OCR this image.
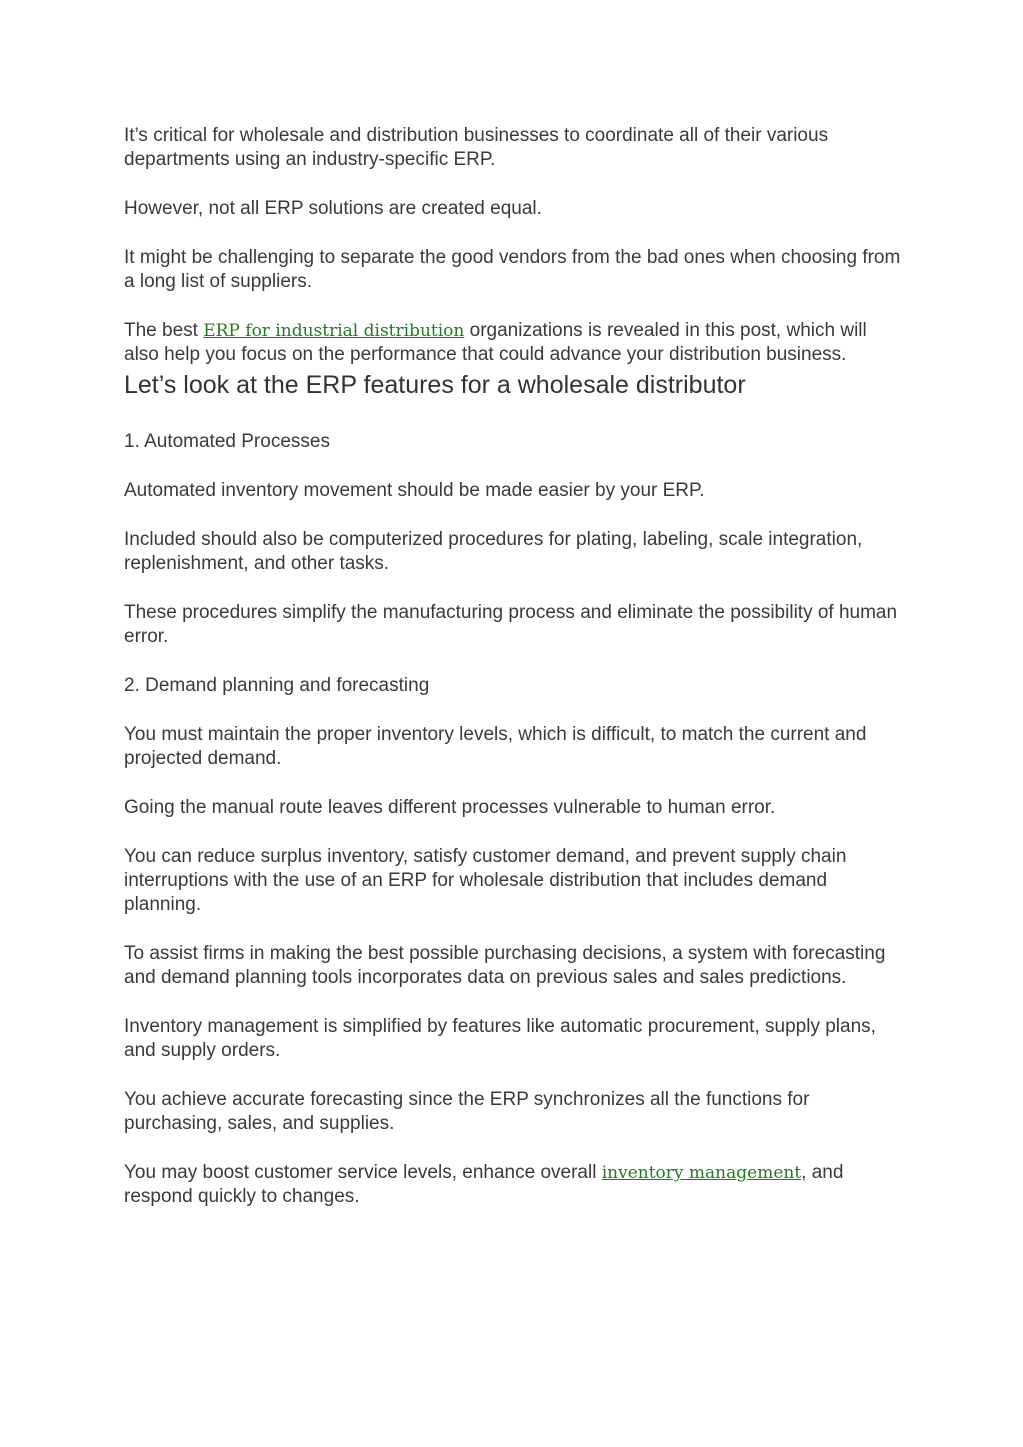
It’s critical for wholesale and distribution businesses to coordinate all of their various departments using an industry-specific ERP.

However, not all ERP solutions are created equal.

It might be challenging to separate the good vendors from the bad ones when choosing from a long list of suppliers.

The best ERP for industrial distribution organizations is revealed in this post, which will also help you focus on the performance that could advance your distribution business.

Let’s look at the ERP features for a wholesale distributor

1. Automated Processes

Automated inventory movement should be made easier by your ERP.

Included should also be computerized procedures for plating, labeling, scale integration, replenishment, and other tasks.

These procedures simplify the manufacturing process and eliminate the possibility of human error.

2. Demand planning and forecasting

You must maintain the proper inventory levels, which is difficult, to match the current and projected demand.

Going the manual route leaves different processes vulnerable to human error.

You can reduce surplus inventory, satisfy customer demand, and prevent supply chain interruptions with the use of an ERP for wholesale distribution that includes demand planning.

To assist firms in making the best possible purchasing decisions, a system with forecasting and demand planning tools incorporates data on previous sales and sales predictions.

Inventory management is simplified by features like automatic procurement, supply plans, and supply orders.

You achieve accurate forecasting since the ERP synchronizes all the functions for purchasing, sales, and supplies.

You may boost customer service levels, enhance overall inventory management, and respond quickly to changes.
